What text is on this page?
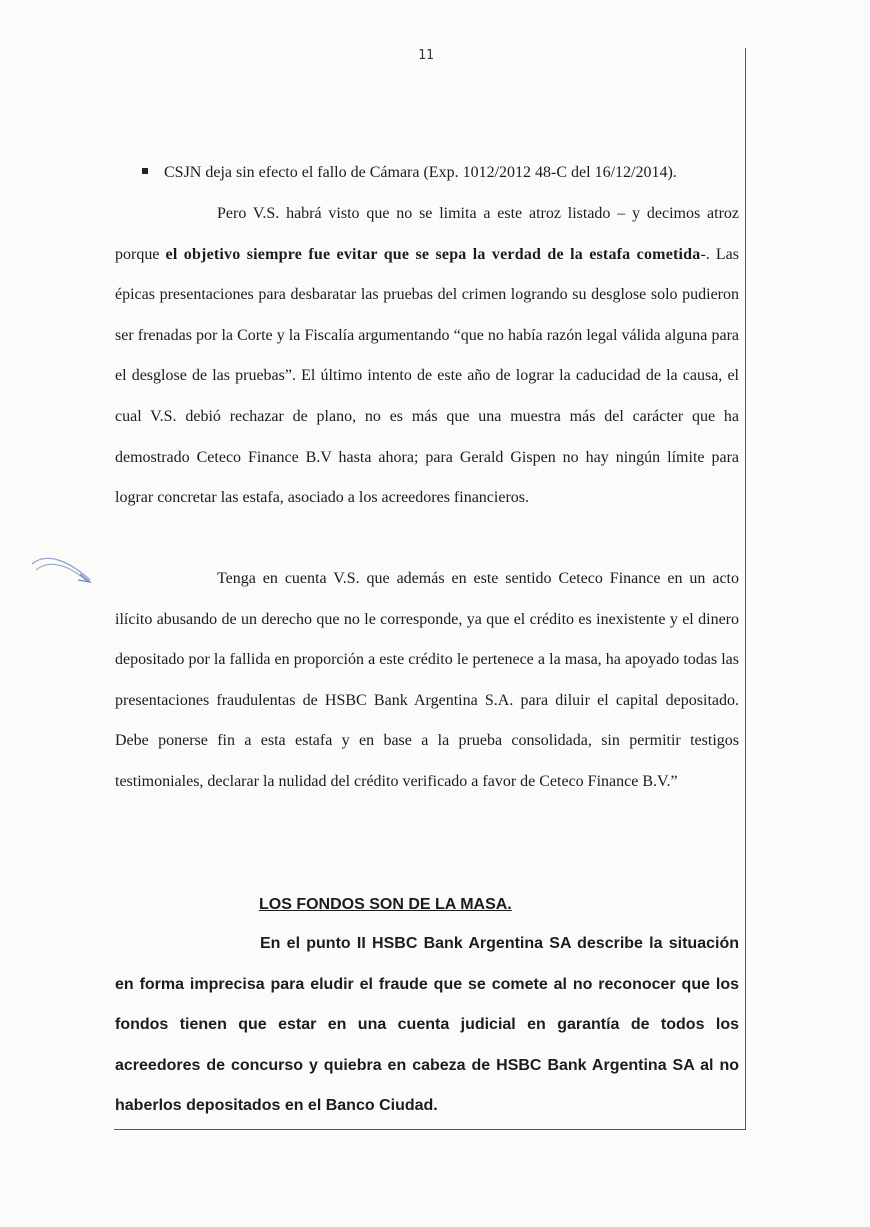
11
CSJN deja sin efecto el fallo de Cámara (Exp. 1012/2012 48-C del 16/12/2014).

Pero V.S. habrá visto que no se limita a este atroz listado – y decimos atroz porque el objetivo siempre fue evitar que se sepa la verdad de la estafa cometida-. Las épicas presentaciones para desbaratar las pruebas del crimen logrando su desglose solo pudieron ser frenadas por la Corte y la Fiscalía argumentando “que no había razón legal válida alguna para el desglose de las pruebas”. El último intento de este año de lograr la caducidad de la causa, el cual V.S. debió rechazar de plano, no es más que una muestra más del carácter que ha demostrado Ceteco Finance B.V hasta ahora; para Gerald Gispen no hay ningún límite para lograr concretar las estafa, asociado a los acreedores financieros.

Tenga en cuenta V.S. que además en este sentido Ceteco Finance en un acto ilícito abusando de un derecho que no le corresponde, ya que el crédito es inexistente y el dinero depositado por la fallida en proporción a este crédito le pertenece a la masa, ha apoyado todas las presentaciones fraudulentas de HSBC Bank Argentina S.A. para diluir el capital depositado. Debe ponerse fin a esta estafa y en base a la prueba consolidada, sin permitir testigos testimoniales, declarar la nulidad del crédito verificado a favor de Ceteco Finance B.V.”

LOS FONDOS SON DE LA MASA.

En el punto II HSBC Bank Argentina SA describe la situación en forma imprecisa para eludir el fraude que se comete al no reconocer que los fondos tienen que estar en una cuenta judicial en garantía de todos los acreedores de concurso y quiebra en cabeza de HSBC Bank Argentina SA al no haberlos depositados en el Banco Ciudad.
